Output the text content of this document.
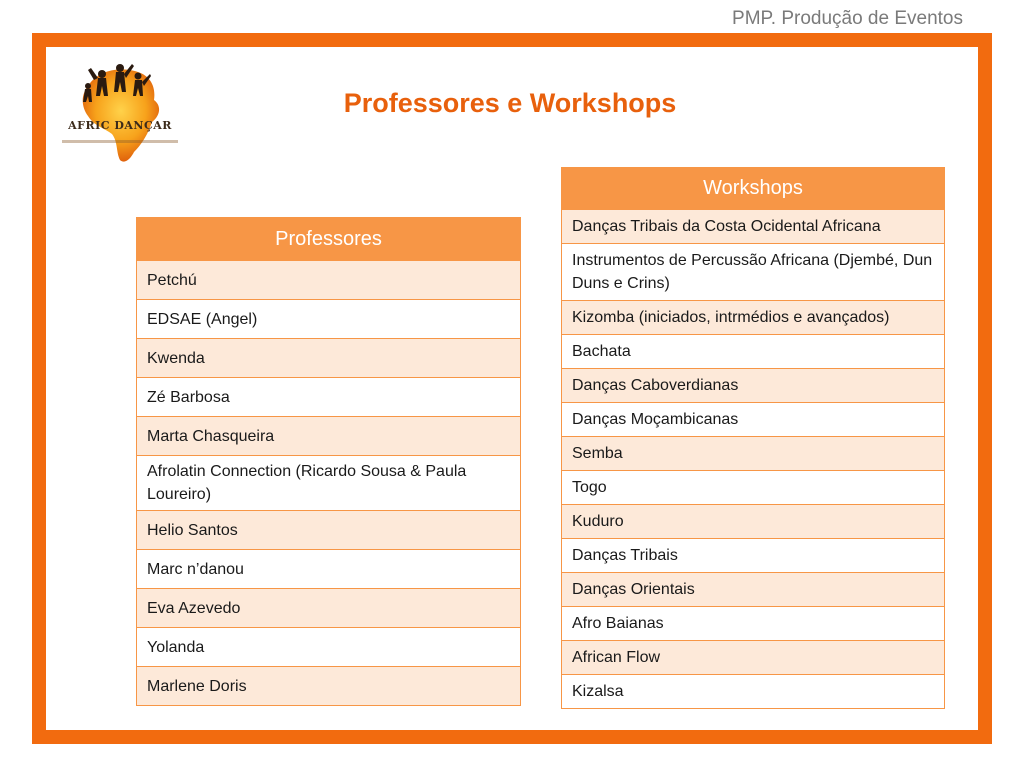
PMP. Produção de Eventos
AFRIC DANÇAR
Professores e Workshops
Professores
Petchú
EDSAE (Angel)
Kwenda
Zé Barbosa
Marta Chasqueira
Afrolatin Connection (Ricardo Sousa & Paula Loureiro)
Helio Santos
Marc n’danou
Eva Azevedo
Yolanda
Marlene Doris
Workshops
Danças Tribais da Costa Ocidental Africana
Instrumentos de Percussão Africana (Djembé, Dun Duns e Crins)
Kizomba (iniciados, intrmédios e avançados)
Bachata
Danças Caboverdianas
Danças Moçambicanas
Semba
Togo
Kuduro
Danças Tribais
Danças Orientais
Afro Baianas
African Flow
Kizalsa
